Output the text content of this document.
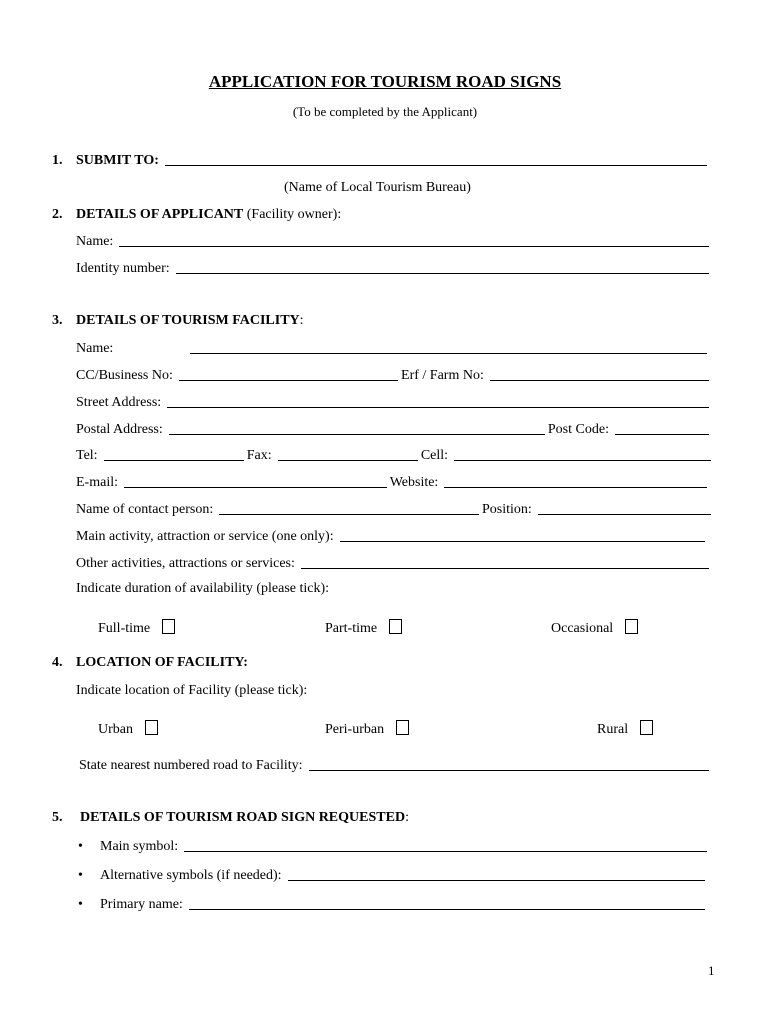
APPLICATION FOR TOURISM ROAD SIGNS
(To be completed by the Applicant)
1. SUBMIT TO:
(Name of Local Tourism Bureau)
2. DETAILS OF APPLICANT (Facility owner):
Name:
Identity number:
3. DETAILS OF TOURISM FACILITY:
Name:
CC/Business No:	Erf / Farm No:
Street Address:
Postal Address:	Post Code:
Tel:	Fax:	Cell:
E-mail:	Website:
Name of contact person:	Position:
Main activity, attraction or service (one only):
Other activities, attractions or services:
Indicate duration of availability (please tick):
Full-time	Part-time	Occasional
4. LOCATION OF FACILITY:
Indicate location of Facility (please tick):
Urban	Peri-urban	Rural
State nearest numbered road to Facility:
5. DETAILS OF TOURISM ROAD SIGN REQUESTED:
•	Main symbol:
•	Alternative symbols (if needed):
•	Primary name:
1
